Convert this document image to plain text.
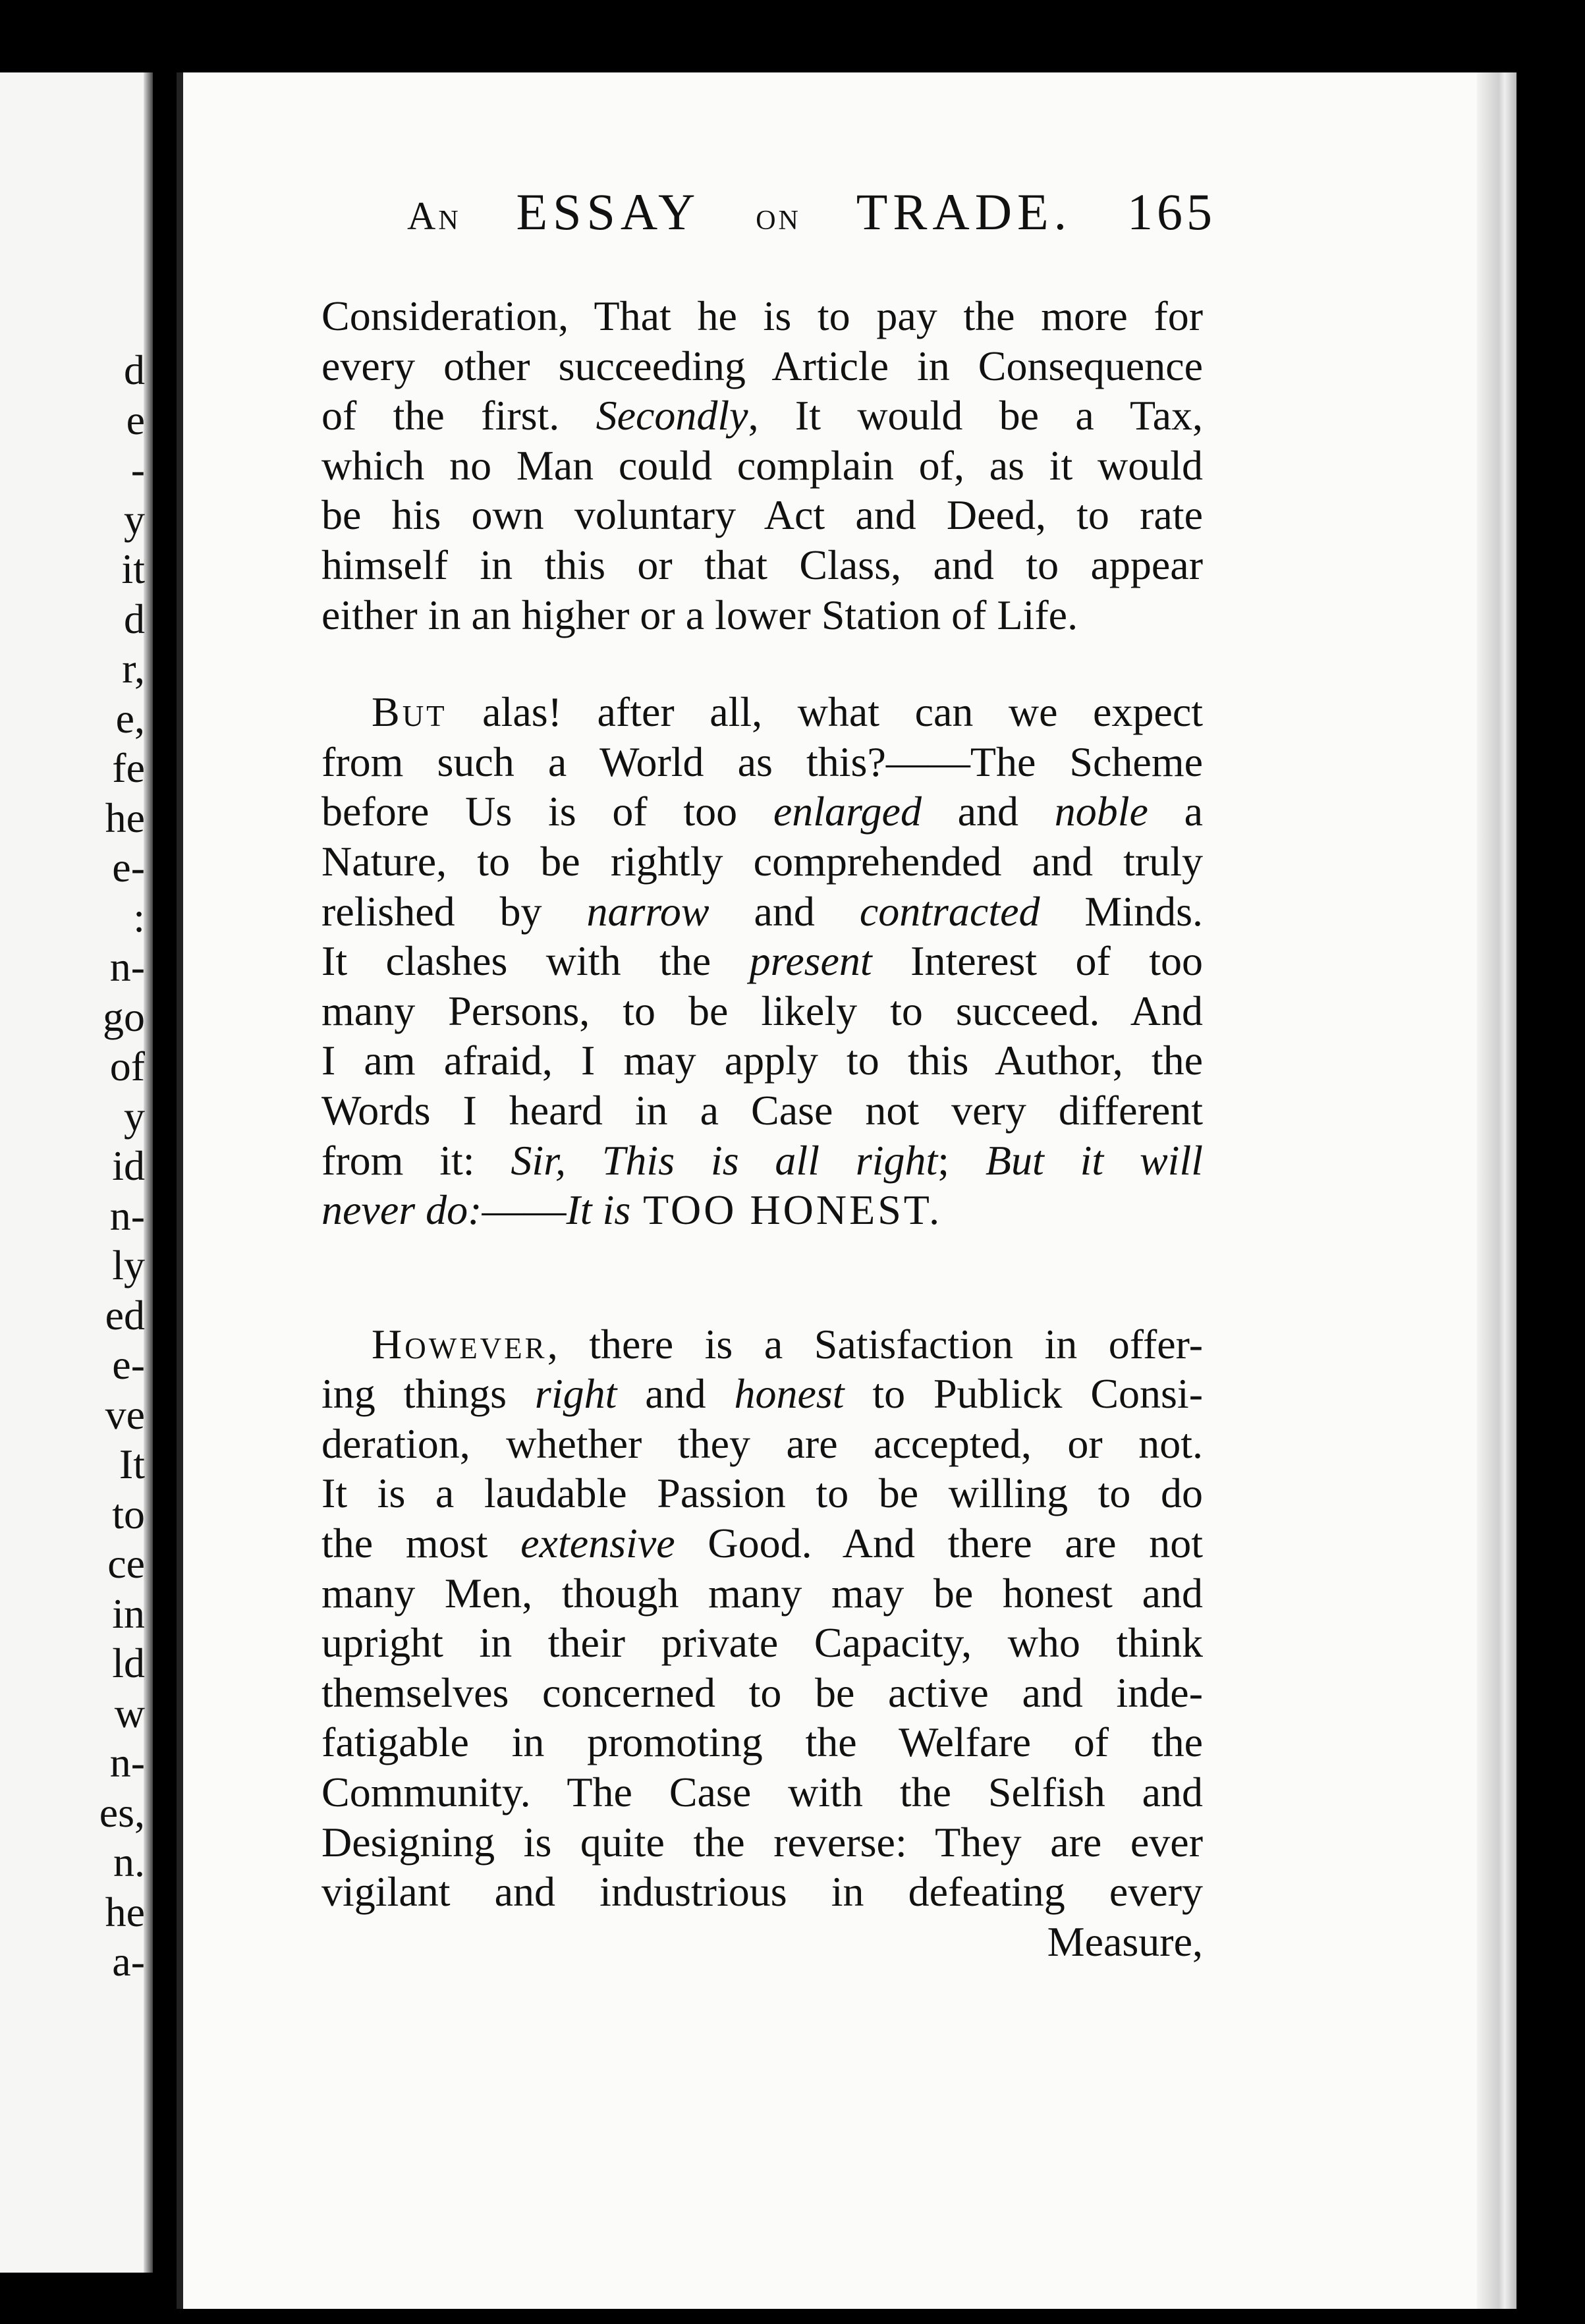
d
e
-
y
it
d
r,
e,
fe
he
e-
:
n-
go
of
y
id
n-
ly
ed
e-
ve
It
to
ce
in
ld
w
n-
es,
n.
he
a-
An ESSAY on TRADE. 165
Consideration, That he is to pay the more for
every other succeeding Article in Consequence
of the first. Secondly, It would be a Tax,
which no Man could complain of, as it would
be his own voluntary Act and Deed, to rate
himself in this or that Class, and to appear
either in an higher or a lower Station of Life.
But alas! after all, what can we expect
from such a World as this?——The Scheme
before Us is of too enlarged and noble a
Nature, to be rightly comprehended and truly
relished by narrow and contracted Minds.
It clashes with the present Interest of too
many Persons, to be likely to succeed. And
I am afraid, I may apply to this Author, the
Words I heard in a Case not very different
from it: Sir, This is all right; But it will
never do:——It is TOO HONEST.
However, there is a Satisfaction in offer-
ing things right and honest to Publick Consi-
deration, whether they are accepted, or not.
It is a laudable Passion to be willing to do
the most extensive Good. And there are not
many Men, though many may be honest and
upright in their private Capacity, who think
themselves concerned to be active and inde-
fatigable in promoting the Welfare of the
Community. The Case with the Selfish and
Designing is quite the reverse: They are ever
vigilant and industrious in defeating every
Measure,
